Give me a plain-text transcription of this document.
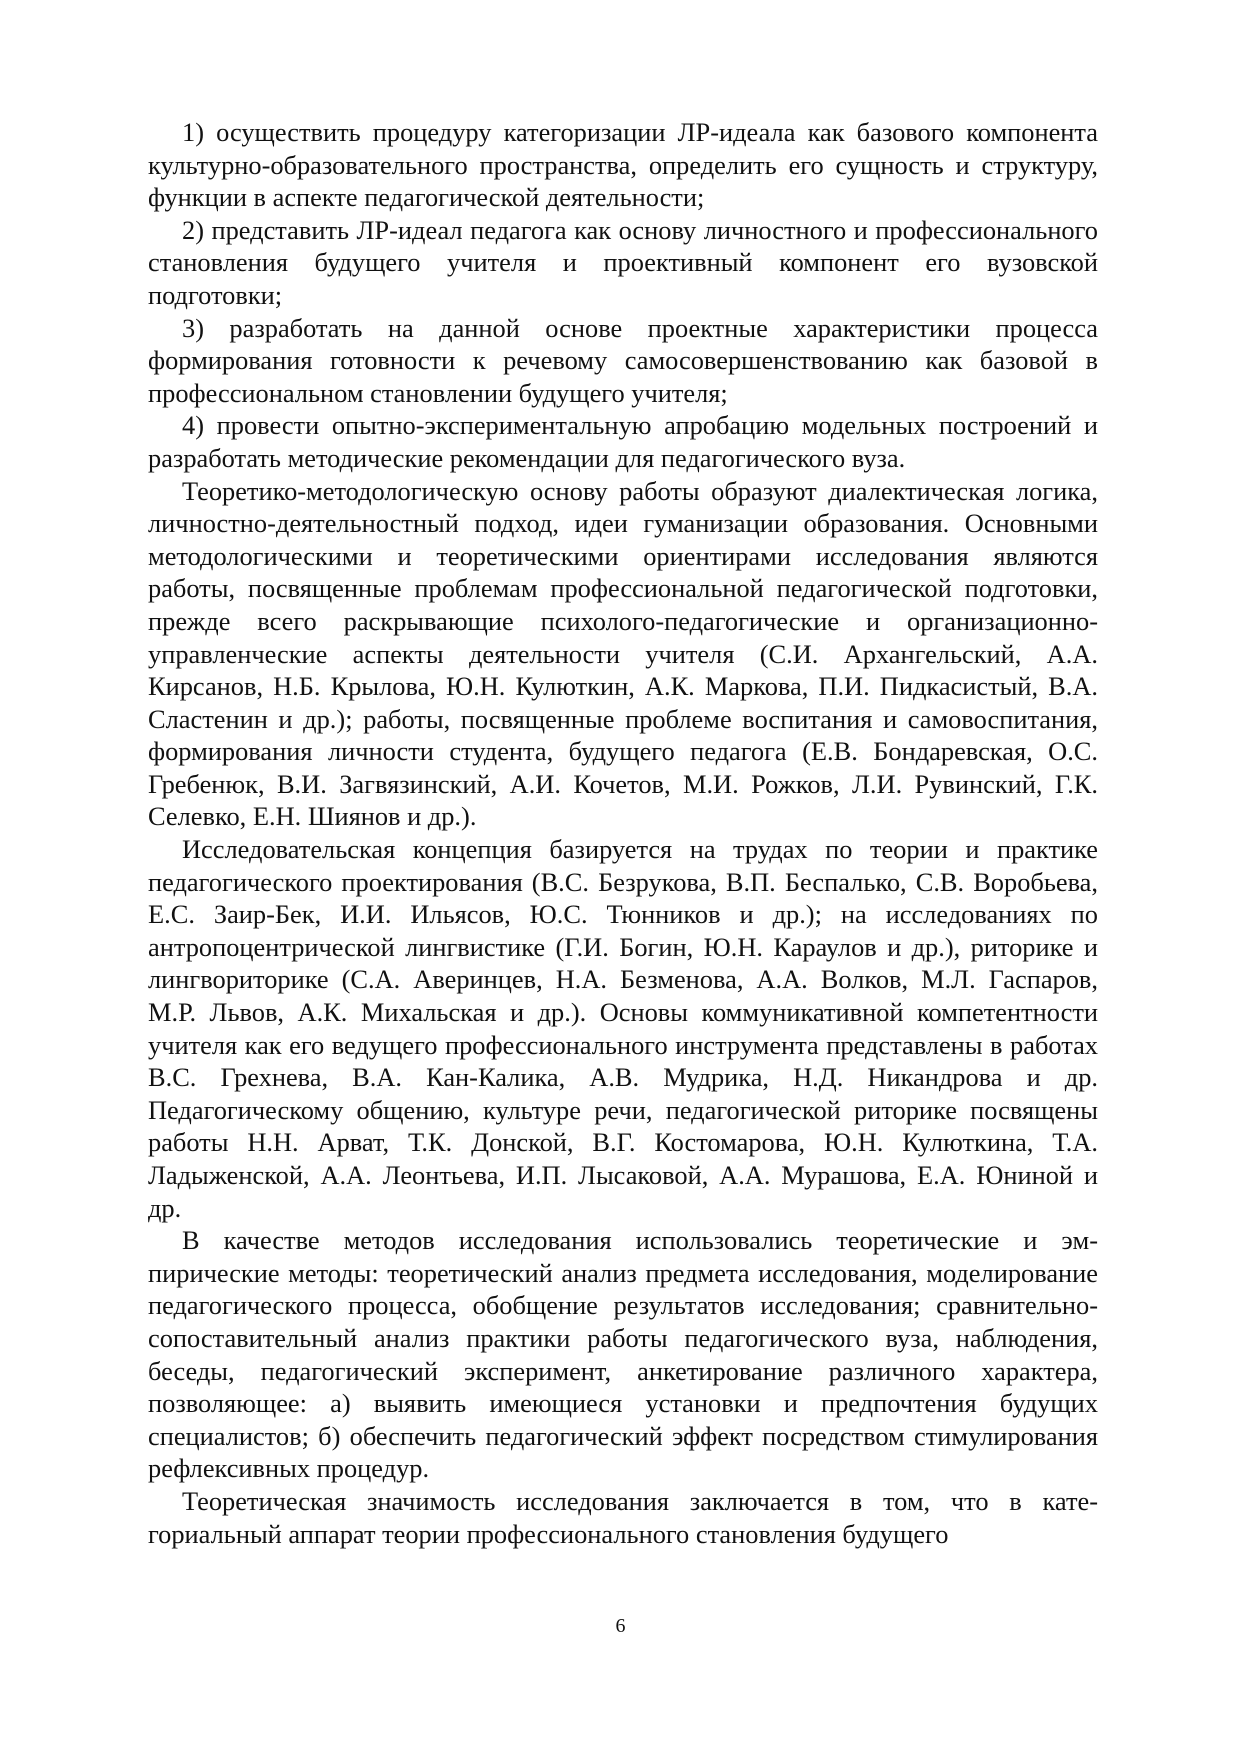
1) осуществить процедуру категоризации ЛР-идеала как базового компонента культурно-образовательного пространства, определить его сущность и структуру, функции в аспекте педагогической деятельности;

2) представить ЛР-идеал педагога как основу личностного и профессионального становления будущего учителя и проективный компонент его вузовской подготовки;

3) разработать на данной основе проектные характеристики процесса формирования готовности к речевому самосовершенствованию как базовой в профессиональном становлении будущего учителя;

4) провести опытно-экспериментальную апробацию модельных построений и разработать методические рекомендации для педагогического вуза.

Теоретико-методологическую основу работы образуют диалектическая логика, личностно-деятельностный подход, идеи гуманизации образования. Основными методологическими и теоретическими ориентирами исследования являются работы, посвященные проблемам профессиональной педагогической подготовки, прежде всего раскрывающие психолого-педагогические и организационно-управленческие аспекты деятельности учителя (С.И. Архангельский, А.А. Кирсанов, Н.Б. Крылова, Ю.Н. Кулюткин, А.К. Маркова, П.И. Пидкасистый, В.А. Сластенин и др.); работы, посвященные проблеме воспитания и самовоспитания, формирования личности студента, будущего педагога (Е.В. Бондаревская, О.С. Гребенюк, В.И. Загвязинский, А.И. Кочетов, М.И. Рожков, Л.И. Рувинский, Г.К. Селевко, Е.Н. Шиянов и др.).

Исследовательская концепция базируется на трудах по теории и практике педагогического проектирования (В.С. Безрукова, В.П. Беспалько, С.В. Воробьева, Е.С. Заир-Бек, И.И. Ильясов, Ю.С. Тюнников и др.); на исследованиях по антропоцентрической лингвистике (Г.И. Богин, Ю.Н. Караулов и др.), риторике и лингвориторике (С.А. Аверинцев, Н.А. Безменова, А.А. Волков, М.Л. Гаспаров, М.Р. Львов, А.К. Михальская и др.). Основы коммуникативной компетентности учителя как его ведущего профессионального инструмента представлены в работах В.С. Грехнева, В.А. Кан-Калика, А.В. Мудрика, Н.Д. Никандрова и др. Педагогическому общению, культуре речи, педагогической риторике посвящены работы Н.Н. Арват, Т.К. Донской, В.Г. Костомарова, Ю.Н. Кулюткина, Т.А. Ладыженской, А.А. Леонтьева, И.П. Лысаковой, А.А. Мурашова, Е.А. Юниной и др.

В качестве методов исследования использовались теоретические и эмпирические методы: теоретический анализ предмета исследования, моделирование педагогического процесса, обобщение результатов исследования; сравнительно-сопоставительный анализ практики работы педагогического вуза, наблюдения, беседы, педагогический эксперимент, анкетирование различного характера, позволяющее: а) выявить имеющиеся установки и предпочтения будущих специалистов; б) обеспечить педагогический эффект посредством стимулирования рефлексивных процедур.

Теоретическая значимость исследования заключается в том, что в категориальный аппарат теории профессионального становления будущего

6
